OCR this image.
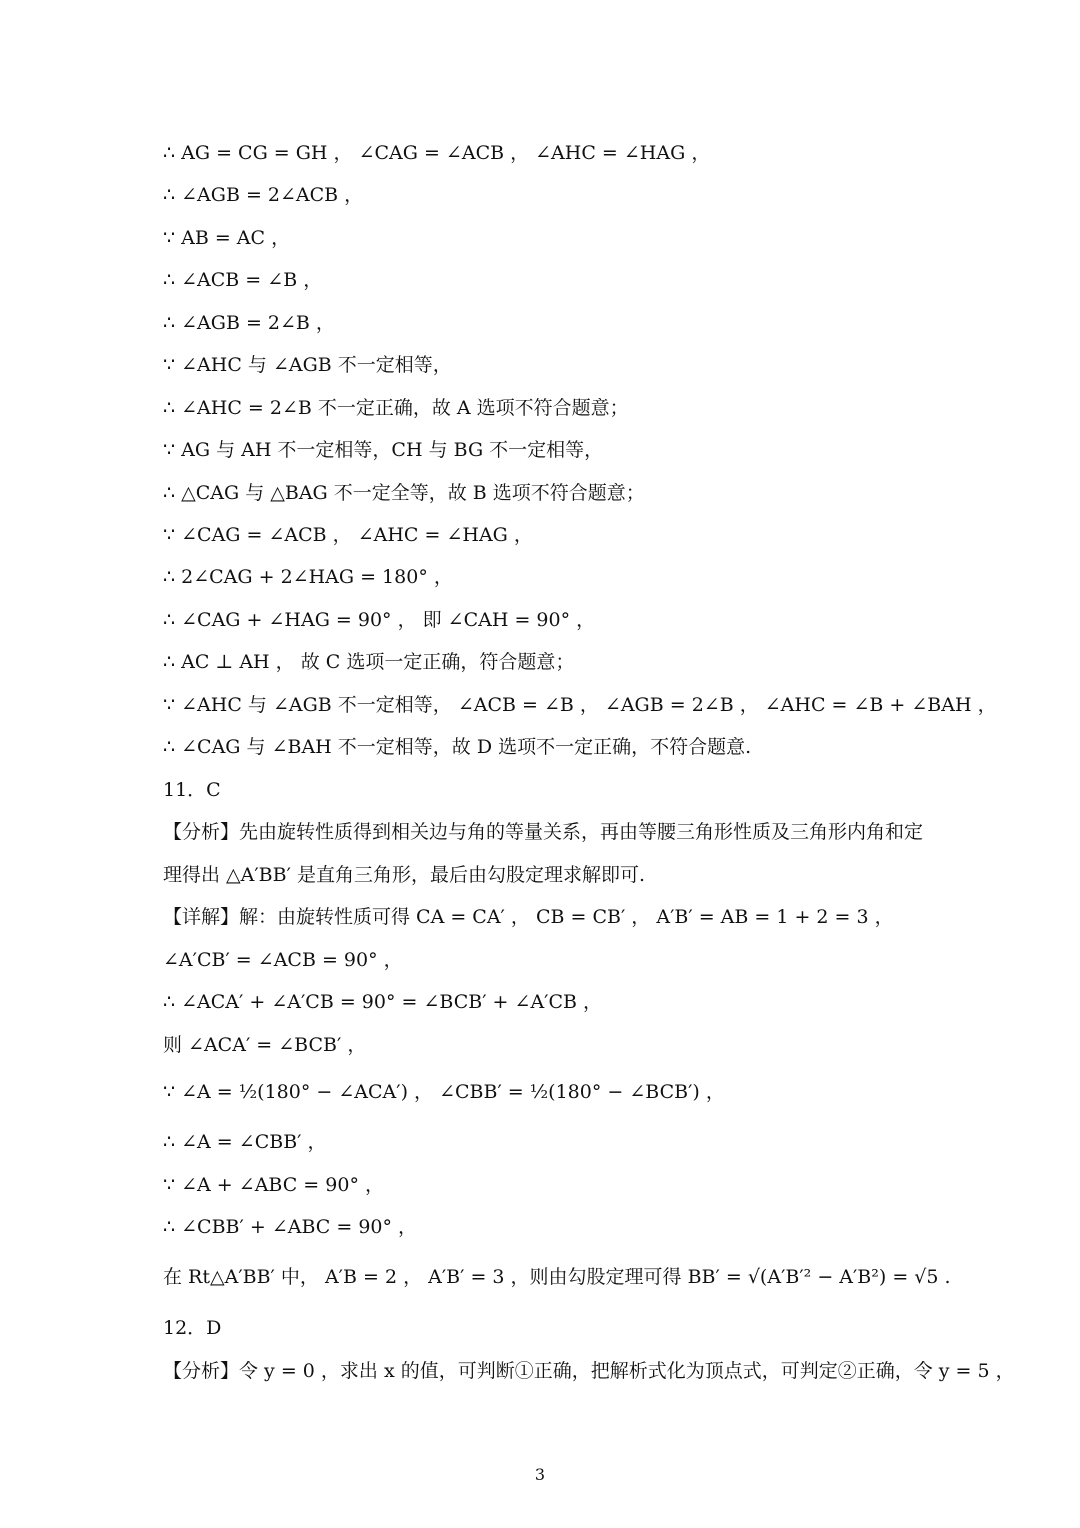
∴ AG = CG = GH ， ∠CAG = ∠ACB ， ∠AHC = ∠HAG ，
∴ ∠AGB = 2∠ACB ，
∵ AB = AC ，
∴ ∠ACB = ∠B ，
∴ ∠AGB = 2∠B ，
∵ ∠AHC 与 ∠AGB 不一定相等，
∴ ∠AHC = 2∠B 不一定正确，故 A 选项不符合题意；
∵ AG 与 AH 不一定相等，CH 与 BG 不一定相等，
∴ △CAG 与 △BAG 不一定全等，故 B 选项不符合题意；
∵ ∠CAG = ∠ACB ， ∠AHC = ∠HAG ，
∴ 2∠CAG + 2∠HAG = 180° ，
∴ ∠CAG + ∠HAG = 90° ， 即 ∠CAH = 90° ，
∴ AC ⊥ AH ， 故 C 选项一定正确，符合题意；
∵ ∠AHC 与 ∠AGB 不一定相等， ∠ACB = ∠B ， ∠AGB = 2∠B ， ∠AHC = ∠B + ∠BAH ，
∴ ∠CAG 与 ∠BAH 不一定相等，故 D 选项不一定正确，不符合题意.
11．C
【分析】先由旋转性质得到相关边与角的等量关系，再由等腰三角形性质及三角形内角和定
理得出 △A′BB′ 是直角三角形，最后由勾股定理求解即可.
【详解】解：由旋转性质可得 CA = CA′ ， CB = CB′ ， A′B′ = AB = 1 + 2 = 3 ，
∠A′CB′ = ∠ACB = 90° ，
∴ ∠ACA′ + ∠A′CB = 90° = ∠BCB′ + ∠A′CB ，
则 ∠ACA′ = ∠BCB′ ，
∵ ∠A = ½(180° − ∠ACA′) ， ∠CBB′ = ½(180° − ∠BCB′) ，
∴ ∠A = ∠CBB′ ，
∵ ∠A + ∠ABC = 90° ，
∴ ∠CBB′ + ∠ABC = 90° ，
在 Rt△A′BB′ 中， A′B = 2 ， A′B′ = 3 ，则由勾股定理可得 BB′ = √(A′B′² − A′B²) = √5 .
12．D
【分析】令 y = 0 ，求出 x 的值，可判断①正确，把解析式化为顶点式，可判定②正确，令 y = 5 ，
3
